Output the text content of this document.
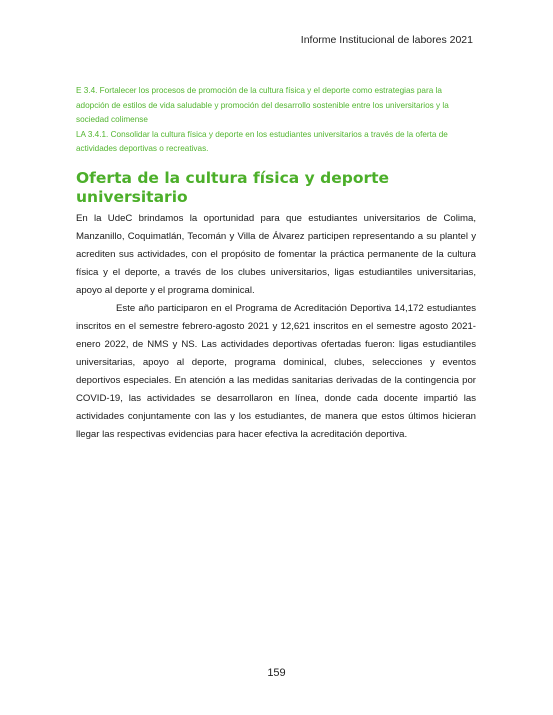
Informe Institucional de labores 2021

E 3.4. Fortalecer los procesos de promoción de la cultura física y el deporte como estrategias para la adopción de estilos de vida saludable y promoción del desarrollo sostenible entre los universitarios y la sociedad colimense

LA 3.4.1. Consolidar la cultura física y deporte en los estudiantes universitarios a través de la oferta de actividades deportivas o recreativas.

Oferta de la cultura física y deporte universitario

En la UdeC brindamos la oportunidad para que estudiantes universitarios de Colima, Manzanillo, Coquimatlán, Tecomán y Villa de Álvarez participen representando a su plantel y acrediten sus actividades, con el propósito de fomentar la práctica permanente de la cultura física y el deporte, a través de los clubes universitarios, ligas estudiantiles universitarias, apoyo al deporte y el programa dominical.

Este año participaron en el Programa de Acreditación Deportiva 14,172 estudiantes inscritos en el semestre febrero-agosto 2021 y 12,621 inscritos en el semestre agosto 2021-enero 2022, de NMS y NS. Las actividades deportivas ofertadas fueron: ligas estudiantiles universitarias, apoyo al deporte, programa dominical, clubes, selecciones y eventos deportivos especiales. En atención a las medidas sanitarias derivadas de la contingencia por COVID-19, las actividades se desarrollaron en línea, donde cada docente impartió las actividades conjuntamente con las y los estudiantes, de manera que estos últimos hicieran llegar las respectivas evidencias para hacer efectiva la acreditación deportiva.

159
